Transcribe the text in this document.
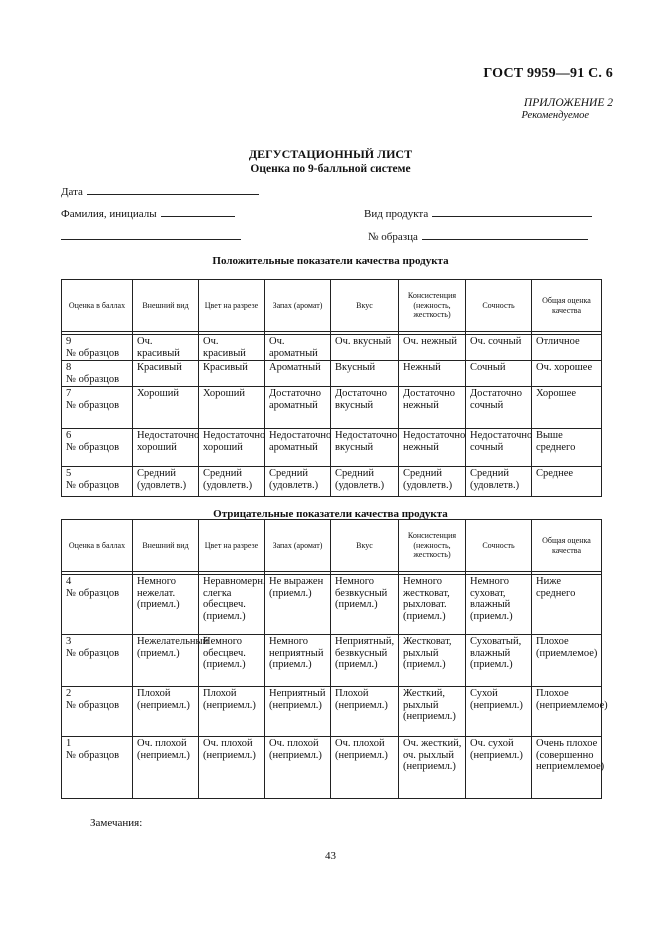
ГОСТ 9959—91 С. 6
ПРИЛОЖЕНИЕ 2
Рекомендуемое
ДЕГУСТАЦИОННЫЙ ЛИСТ
Оценка по 9-балльной системе
Дата
Фамилия, инициалы	Вид продукта
№ образца
Положительные показатели качества продукта
Оценка в баллах	Внешний вид	Цвет на разрезе	Запах (аромат)	Вкус	Консистенция (нежность, жесткость)	Сочность	Общая оценка качества

9
№ образцов	Оч. красивый	Оч. красивый	Оч. ароматный	Оч. вкусный	Оч. нежный	Оч. сочный	Отличное

8
№ образцов	Красивый	Красивый	Ароматный	Вкусный	Нежный	Сочный	Оч. хорошее

7
№ образцов	Хороший	Хороший	Достаточно ароматный	Достаточно вкусный	Достаточно нежный	Достаточно сочный	Хорошее

6
№ образцов	Недостаточно хороший	Недостаточно хороший	Недостаточно ароматный	Недостаточно вкусный	Недостаточно нежный	Недостаточно сочный	Выше среднего

5
№ образцов	Средний (удовлетв.)	Средний (удовлетв.)	Средний (удовлетв.)	Средний (удовлетв.)	Средний (удовлетв.)	Средний (удовлетв.)	Среднее
Отрицательные показатели качества продукта
Оценка в баллах	Внешний вид	Цвет на разрезе	Запах (аромат)	Вкус	Консистенция (нежность, жесткость)	Сочность	Общая оценка качества

4
№ образцов	Немного нежелат. (приемл.)	Неравномерн. слегка обесцвеч. (приемл.)	Не выражен (приемл.)	Немного безвкусный (приемл.)	Немного жестковат, рыхловат. (приемл.)	Немного суховат, влажный (приемл.)	Ниже среднего

3
№ образцов	Нежелательный (приемл.)	Немного обесцвеч. (приемл.)	Немного неприятный (приемл.)	Неприятный, безвкусный (приемл.)	Жестковат, рыхлый (приемл.)	Суховатый, влажный (приемл.)	Плохое (приемлемое)

2
№ образцов	Плохой (неприемл.)	Плохой (неприемл.)	Неприятный (неприемл.)	Плохой (неприемл.)	Жесткий, рыхлый (неприемл.)	Сухой (неприемл.)	Плохое (неприемлемое)

1
№ образцов	Оч. плохой (неприемл.)	Оч. плохой (неприемл.)	Оч. плохой (неприемл.)	Оч. плохой (неприемл.)	Оч. жесткий, оч. рыхлый (неприемл.)	Оч. сухой (неприемл.)	Очень плохое (совершенно неприемлемое)
Замечания:
43
